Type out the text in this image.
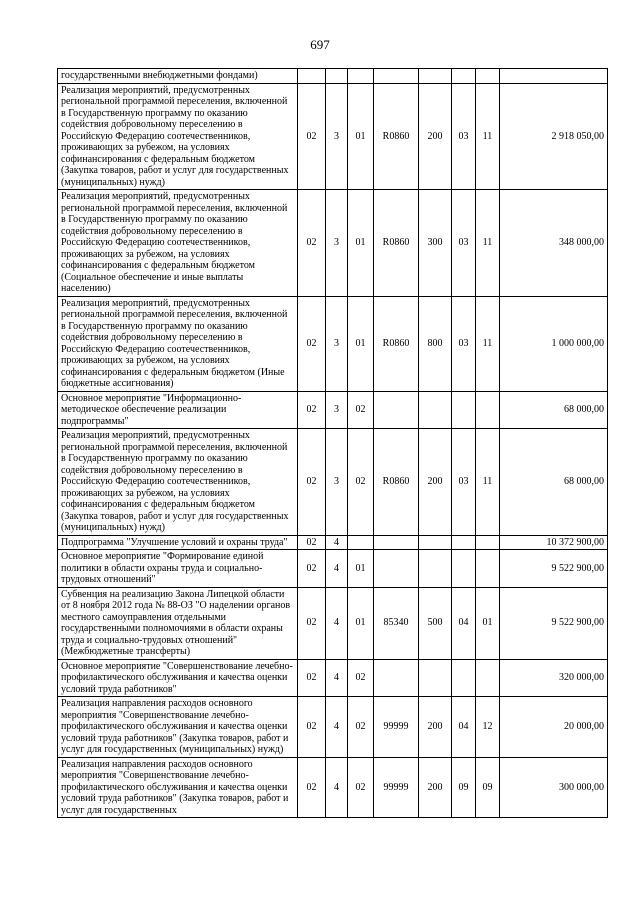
697
государственными внебюджетными фондами)								
Реализация мероприятий, предусмотренных региональной программой переселения, включенной в Государственную программу по оказанию содействия добровольному переселению в Российскую Федерацию соотечественников, проживающих за рубежом, на условиях софинансирования с федеральным бюджетом (Закупка товаров, работ и услуг для государственных (муниципальных) нужд)	02	3	01	R0860	200	03	11	2 918 050,00
Реализация мероприятий, предусмотренных региональной программой переселения, включенной в Государственную программу по оказанию содействия добровольному переселению в Российскую Федерацию соотечественников, проживающих за рубежом, на условиях софинансирования с федеральным бюджетом (Социальное обеспечение и иные выплаты населению)	02	3	01	R0860	300	03	11	348 000,00
Реализация мероприятий, предусмотренных региональной программой переселения, включенной в Государственную программу по оказанию содействия добровольному переселению в Российскую Федерацию соотечественников, проживающих за рубежом, на условиях софинансирования с федеральным бюджетом (Иные бюджетные ассигнования)	02	3	01	R0860	800	03	11	1 000 000,00
Основное мероприятие "Информационно-методическое обеспечение реализации подпрограммы"	02	3	02					68 000,00
Реализация мероприятий, предусмотренных региональной программой переселения, включенной в Государственную программу по оказанию содействия добровольному переселению в Российскую Федерацию соотечественников, проживающих за рубежом, на условиях софинансирования с федеральным бюджетом (Закупка товаров, работ и услуг для государственных (муниципальных) нужд)	02	3	02	R0860	200	03	11	68 000,00
Подпрограмма "Улучшение условий и охраны труда"	02	4						10 372 900,00
Основное мероприятие "Формирование единой политики в области охраны труда и социально-трудовых отношений"	02	4	01					9 522 900,00
Субвенция на реализацию Закона Липецкой области от 8 ноября 2012 года № 88-ОЗ "О наделении органов местного самоуправления отдельными государственными полномочиями в области охраны труда и социально-трудовых отношений" (Межбюджетные трансферты)	02	4	01	85340	500	04	01	9 522 900,00
Основное мероприятие "Совершенствование лечебно-профилактического обслуживания и качества оценки условий труда работников"	02	4	02					320 000,00
Реализация направления расходов основного мероприятия "Совершенствование лечебно-профилактического обслуживания и качества оценки условий труда работников" (Закупка товаров, работ и услуг для государственных (муниципальных) нужд)	02	4	02	99999	200	04	12	20 000,00
Реализация направления расходов основного мероприятия "Совершенствование лечебно-профилактического обслуживания и качества оценки условий труда работников" (Закупка товаров, работ и услуг для государственных	02	4	02	99999	200	09	09	300 000,00
